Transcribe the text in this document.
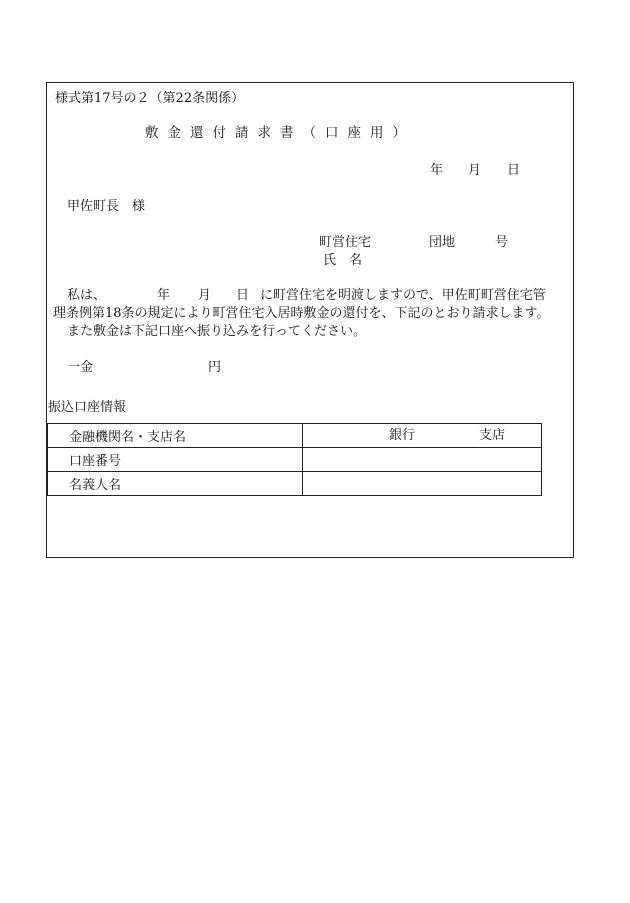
様式第17号の２（第22条関係）
敷金還付請求書（口座用）
年 月 日
甲佐町長　様
町営住宅	団地	号
氏　名
私は、	年 月 日 に町営住宅を明渡しますので、甲佐町町営住宅管
理条例第18条の規定により町営住宅入居時敷金の還付を、下記のとおり請求します。
また敷金は下記口座へ振り込みを行ってください。
一金	円
振込口座情報
金融機関名・支店名	銀行 支店

口座番号	
名義人名	
